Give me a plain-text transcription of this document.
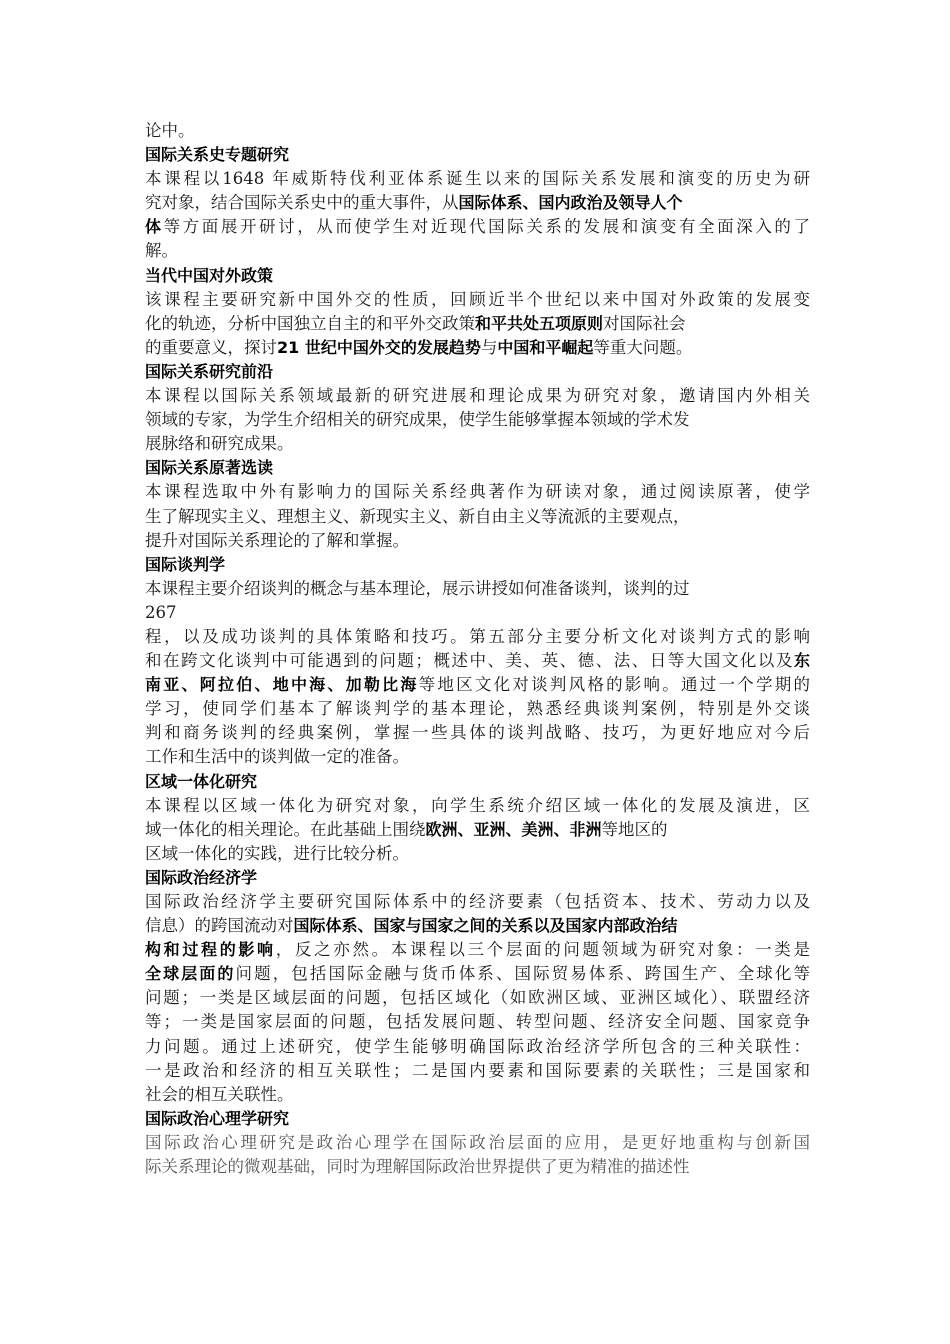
论中。
国际关系史专题研究
本课程以1648 年威斯特伐利亚体系诞生以来的国际关系发展和演变的历史为研
究对象，结合国际关系史中的重大事件，从国际体系、国内政治及领导人个
体等方面展开研讨，从而使学生对近现代国际关系的发展和演变有全面深入的了
解。
当代中国对外政策
该课程主要研究新中国外交的性质，回顾近半个世纪以来中国对外政策的发展变
化的轨迹，分析中国独立自主的和平外交政策和平共处五项原则对国际社会
的重要意义，探讨21 世纪中国外交的发展趋势与中国和平崛起等重大问题。
国际关系研究前沿
本课程以国际关系领域最新的研究进展和理论成果为研究对象，邀请国内外相关
领域的专家，为学生介绍相关的研究成果，使学生能够掌握本领域的学术发
展脉络和研究成果。
国际关系原著选读
本课程选取中外有影响力的国际关系经典著作为研读对象，通过阅读原著，使学
生了解现实主义、理想主义、新现实主义、新自由主义等流派的主要观点，
提升对国际关系理论的了解和掌握。
国际谈判学
本课程主要介绍谈判的概念与基本理论，展示讲授如何准备谈判，谈判的过
267
程，以及成功谈判的具体策略和技巧。第五部分主要分析文化对谈判方式的影响
和在跨文化谈判中可能遇到的问题；概述中、美、英、德、法、日等大国文化以及东
南亚、阿拉伯、地中海、加勒比海等地区文化对谈判风格的影响。通过一个学期的
学习，使同学们基本了解谈判学的基本理论，熟悉经典谈判案例，特别是外交谈
判和商务谈判的经典案例，掌握一些具体的谈判战略、技巧，为更好地应对今后
工作和生活中的谈判做一定的准备。
区域一体化研究
本课程以区域一体化为研究对象，向学生系统介绍区域一体化的发展及演进，区
域一体化的相关理论。在此基础上围绕欧洲、亚洲、美洲、非洲等地区的
区域一体化的实践，进行比较分析。
国际政治经济学
国际政治经济学主要研究国际体系中的经济要素（包括资本、技术、劳动力以及
信息）的跨国流动对国际体系、国家与国家之间的关系以及国家内部政治结
构和过程的影响，反之亦然。本课程以三个层面的问题领域为研究对象：一类是
全球层面的问题，包括国际金融与货币体系、国际贸易体系、跨国生产、全球化等
问题；一类是区域层面的问题，包括区域化（如欧洲区域、亚洲区域化）、联盟经济
等；一类是国家层面的问题，包括发展问题、转型问题、经济安全问题、国家竞争
力问题。通过上述研究，使学生能够明确国际政治经济学所包含的三种关联性：
一是政治和经济的相互关联性；二是国内要素和国际要素的关联性；三是国家和
社会的相互关联性。
国际政治心理学研究
国际政治心理研究是政治心理学在国际政治层面的应用，是更好地重构与创新国
际关系理论的微观基础，同时为理解国际政治世界提供了更为精准的描述性
